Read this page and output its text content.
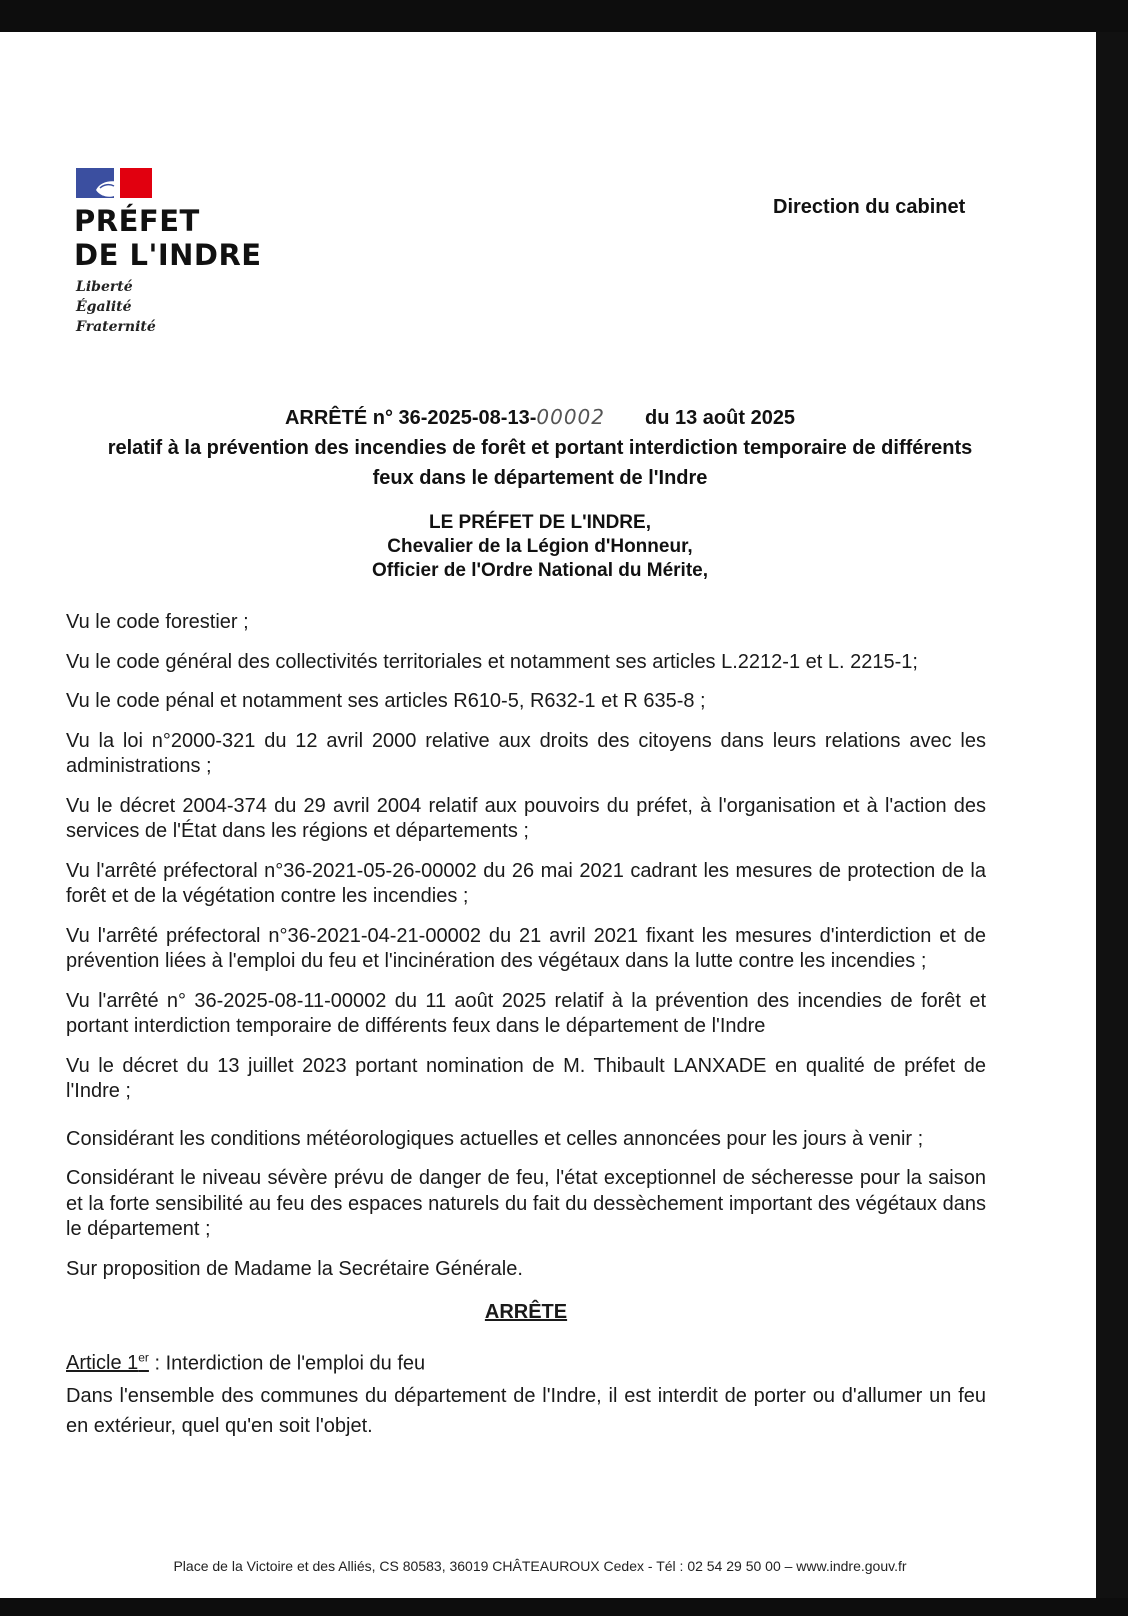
PRÉFET
DE L'INDRE
Liberté
Égalité
Fraternité
Direction du cabinet
ARRÊTÉ n° 36-2025-08-13-00002 du 13 août 2025
relatif à la prévention des incendies de forêt et portant interdiction temporaire de différents
feux dans le département de l'Indre
LE PRÉFET DE L'INDRE,
Chevalier de la Légion d'Honneur,
Officier de l'Ordre National du Mérite,

Vu le code forestier ;

Vu le code général des collectivités territoriales et notamment ses articles L.2212-1 et L. 2215-1;

Vu le code pénal et notamment ses articles R610-5, R632-1 et R 635-8 ;

Vu la loi n°2000-321 du 12 avril 2000 relative aux droits des citoyens dans leurs relations avec les administrations ;

Vu le décret 2004-374 du 29 avril 2004 relatif aux pouvoirs du préfet, à l'organisation et à l'action des services de l'État dans les régions et départements ;

Vu l'arrêté préfectoral n°36-2021-05-26-00002 du 26 mai 2021 cadrant les mesures de protection de la forêt et de la végétation contre les incendies ;

Vu l'arrêté préfectoral n°36-2021-04-21-00002 du 21 avril 2021 fixant les mesures d'interdiction et de prévention liées à l'emploi du feu et l'incinération des végétaux dans la lutte contre les incendies ;

Vu l'arrêté n° 36-2025-08-11-00002 du 11 août 2025 relatif à la prévention des incendies de forêt et portant interdiction temporaire de différents feux dans le département de l'Indre

Vu le décret du 13 juillet 2023 portant nomination de M. Thibault LANXADE en qualité de préfet de l'Indre ;

Considérant les conditions météorologiques actuelles et celles annoncées pour les jours à venir ;

Considérant le niveau sévère prévu de danger de feu, l'état exceptionnel de sécheresse pour la saison et la forte sensibilité au feu des espaces naturels du fait du dessèchement important des végétaux dans le département ;

Sur proposition de Madame la Secrétaire Générale.

ARRÊTE
Article 1er : Interdiction de l'emploi du feu
Dans l'ensemble des communes du département de l'Indre, il est interdit de porter ou d'allumer un feu en extérieur, quel qu'en soit l'objet.
Place de la Victoire et des Alliés, CS 80583, 36019 CHÂTEAUROUX Cedex - Tél : 02 54 29 50 00 – www.indre.gouv.fr
